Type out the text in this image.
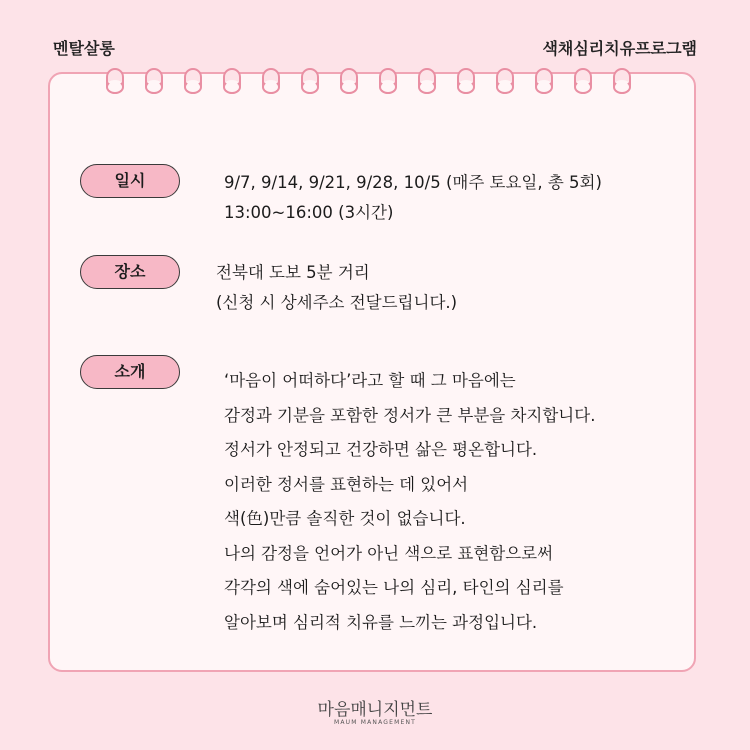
멘탈살롱	색채심리치유프로그램
일시	9/7, 9/14, 9/21, 9/28, 10/5 (매주 토요일, 총 5회)
13:00~16:00 (3시간)
장소	전북대 도보 5분 거리
(신청 시 상세주소 전달드립니다.)
소개	‘마음이 어떠하다’라고 할 때 그 마음에는
감정과 기분을 포함한 정서가 큰 부분을 차지합니다.
정서가 안정되고 건강하면 삶은 평온합니다.
이러한 정서를 표현하는 데 있어서
색(色)만큼 솔직한 것이 없습니다.
나의 감정을 언어가 아닌 색으로 표현함으로써
각각의 색에 숨어있는 나의 심리, 타인의 심리를
알아보며 심리적 치유를 느끼는 과정입니다.
마음매니지먼트
MAUM MANAGEMENT
